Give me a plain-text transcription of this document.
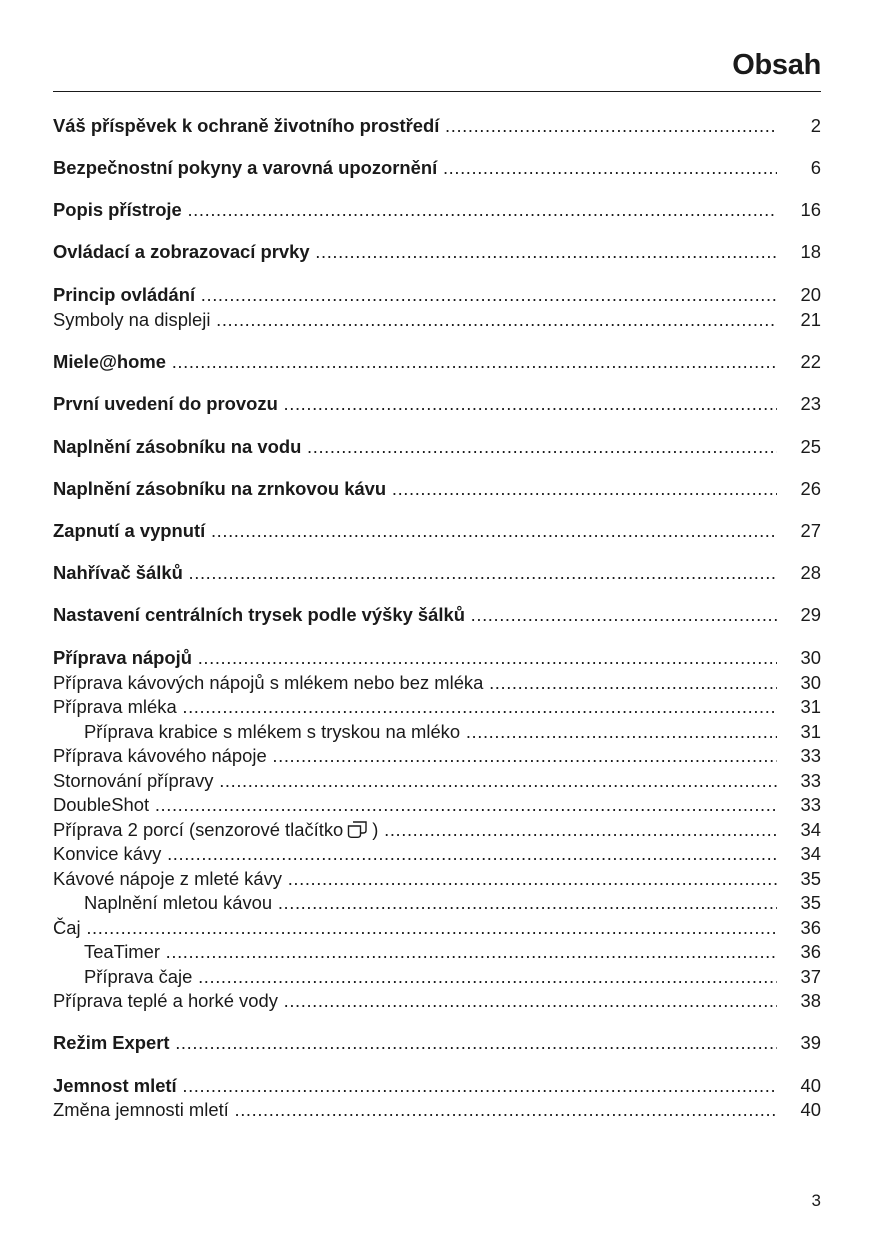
Obsah
Váš příspěvek k ochraně životního prostředí .....	2
Bezpečnostní pokyny a varovná upozornění .....	6
Popis přístroje .....	16
Ovládací a zobrazovací prvky .....	18
Princip ovládání .....	20
Symboly na displeji .....	21
Miele@home .....	22
První uvedení do provozu .....	23
Naplnění zásobníku na vodu .....	25
Naplnění zásobníku na zrnkovou kávu .....	26
Zapnutí a vypnutí .....	27
Nahřívač šálků .....	28
Nastavení centrálních trysek podle výšky šálků .....	29
Příprava nápojů .....	30
Příprava kávových nápojů s mlékem nebo bez mléka .....	30
Příprava mléka .....	31
Příprava krabice s mlékem s tryskou na mléko .....	31
Příprava kávového nápoje .....	33
Stornování přípravy .....	33
DoubleShot .....	33
Příprava 2 porcí (senzorové tlačítko ) .....	34
Konvice kávy .....	34
Kávové nápoje z mleté kávy .....	35
Naplnění mletou kávou .....	35
Čaj .....	36
TeaTimer .....	36
Příprava čaje .....	37
Příprava teplé a horké vody .....	38
Režim Expert .....	39
Jemnost mletí .....	40
Změna jemnosti mletí .....	40
3
